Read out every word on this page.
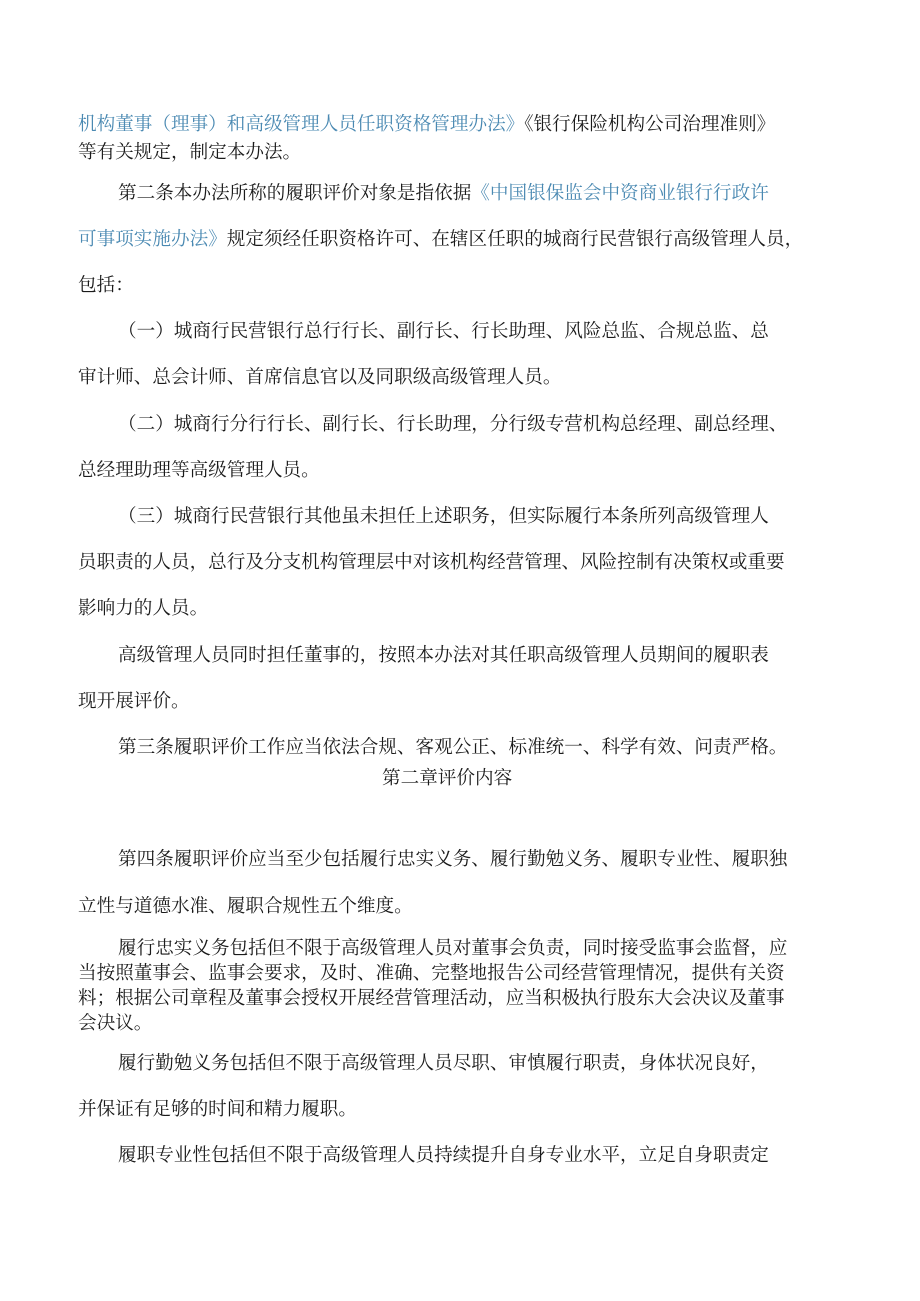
机构董事（理事）和高级管理人员任职资格管理办法》《银行保险机构公司治理准则》

等有关规定，制定本办法。

第二条本办法所称的履职评价对象是指依据《中国银保监会中资商业银行行政许

可事项实施办法》规定须经任职资格许可、在辖区任职的城商行民营银行高级管理人员，

包括：

（一）城商行民营银行总行行长、副行长、行长助理、风险总监、合规总监、总

审计师、总会计师、首席信息官以及同职级高级管理人员。

（二）城商行分行行长、副行长、行长助理，分行级专营机构总经理、副总经理、

总经理助理等高级管理人员。

（三）城商行民营银行其他虽未担任上述职务，但实际履行本条所列高级管理人

员职责的人员，总行及分支机构管理层中对该机构经营管理、风险控制有决策权或重要

影响力的人员。

高级管理人员同时担任董事的，按照本办法对其任职高级管理人员期间的履职表

现开展评价。

第三条履职评价工作应当依法合规、客观公正、标准统一、科学有效、问责严格。

第二章评价内容

第四条履职评价应当至少包括履行忠实义务、履行勤勉义务、履职专业性、履职独

立性与道德水准、履职合规性五个维度。

履行忠实义务包括但不限于高级管理人员对董事会负责，同时接受监事会监督，应

当按照董事会、监事会要求，及时、准确、完整地报告公司经营管理情况，提供有关资

料；根据公司章程及董事会授权开展经营管理活动，应当积极执行股东大会决议及董事

会决议。

履行勤勉义务包括但不限于高级管理人员尽职、审慎履行职责，身体状况良好，

并保证有足够的时间和精力履职。

履职专业性包括但不限于高级管理人员持续提升自身专业水平，立足自身职责定
